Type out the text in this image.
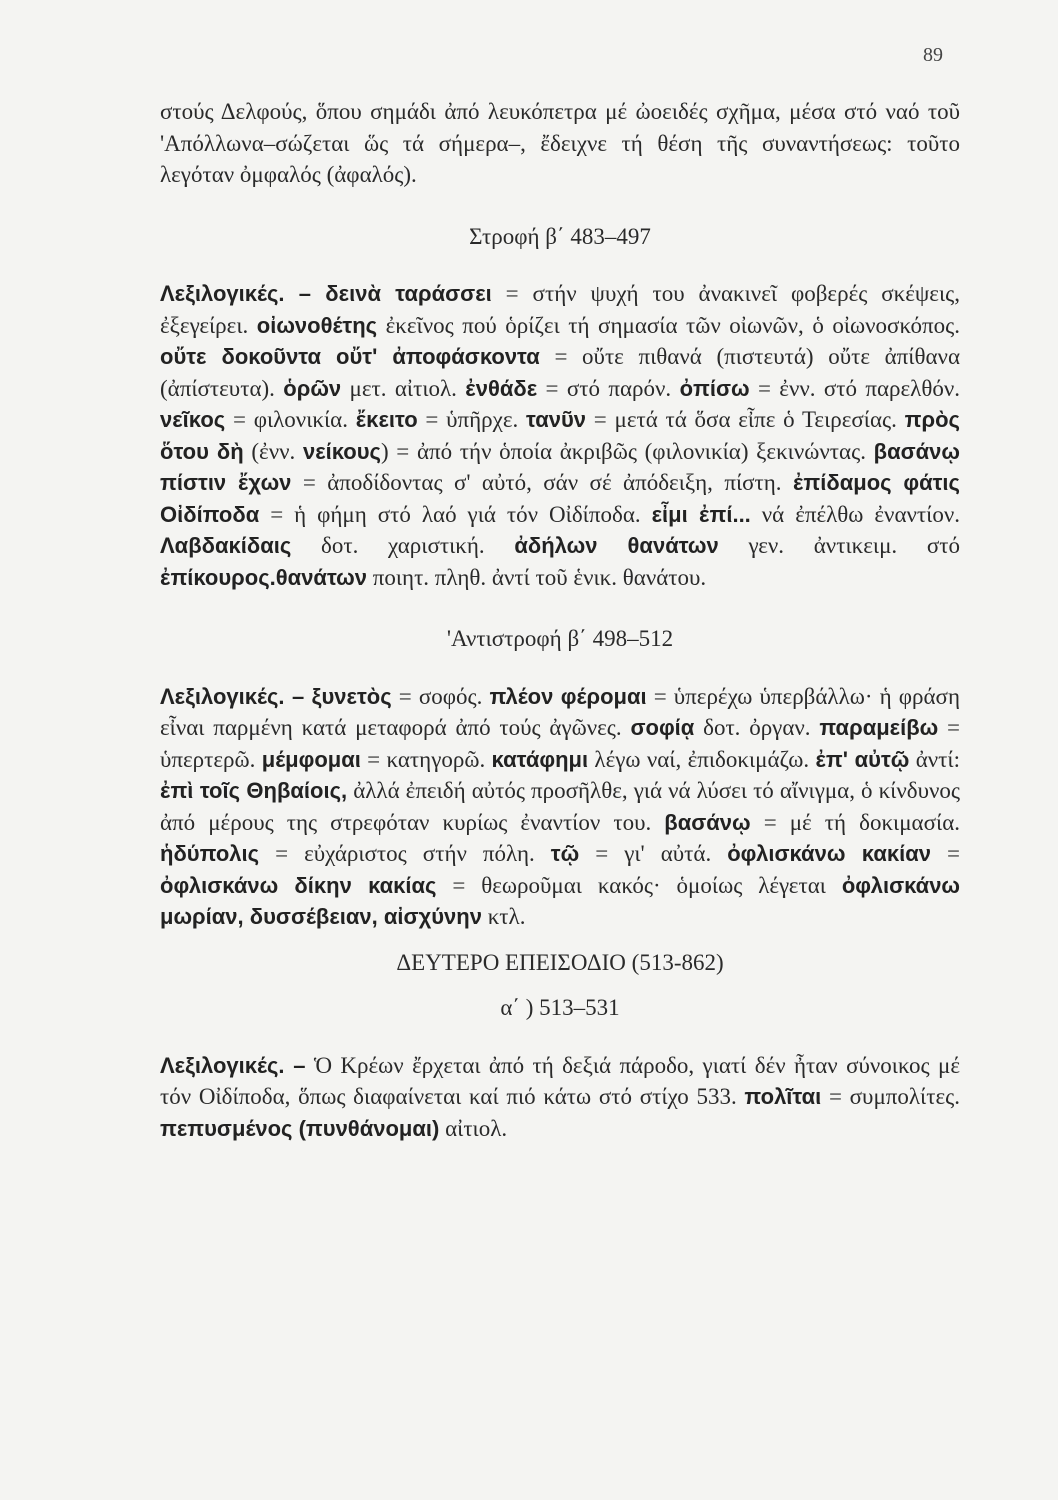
89

στούς Δελφούς, ὅπου σημάδι ἀπό λευκόπετρα μέ ὠοειδές σχῆμα, μέσα στό ναό τοῦ 'Απόλλωνα–σώζεται ὥς τά σήμερα–, ἔδειχνε τή θέση τῆς συναντήσεως: τοῦτο λεγόταν ὀμφαλός (ἀφαλός).

Στροφή β΄ 483–497

Λεξιλογικές. – δεινὰ ταράσσει = στήν ψυχή του ἀνακινεῖ φοβερές σκέψεις, ἐξεγείρει. οἰωνοθέτης ἐκεῖνος πού ὁρίζει τή σημασία τῶν οἰωνῶν, ὁ οἰωνοσκόπος. οὔτε δοκοῦντα οὔτ' ἀποφάσκοντα = οὔτε πιθανά (πιστευτά) οὔτε ἀπίθανα (ἀπίστευτα). ὁρῶν μετ. αἰτιολ. ἐνθάδε = στό παρόν. ὀπίσω = ἐνν. στό παρελθόν. νεῖκος = φιλονικία. ἔκειτο = ὑπῆρχε. τανῦν = μετά τά ὅσα εἶπε ὁ Τειρεσίας. πρὸς ὅτου δὴ (ἐνν. νείκους) = ἀπό τήν ὁποία ἀκριβῶς (φιλονικία) ξεκινώντας. βασάνῳ πίστιν ἔχων = ἀποδίδοντας σ' αὐτό, σάν σέ ἀπόδειξη, πίστη. ἐπίδαμος φάτις Οἰδίποδα = ἡ φήμη στό λαό γιά τόν Οἰδίποδα. εἶμι ἐπί... νά ἐπέλθω ἐναντίον. Λαβδακίδαις δοτ. χαριστική. ἀδήλων θανάτων γεν. ἀντικειμ. στό ἐπίκουρος.θανάτων ποιητ. πληθ. ἀντί τοῦ ἑνικ. θανάτου.

'Αντιστροφή β΄ 498–512

Λεξιλογικές. – ξυνετὸς = σοφός. πλέον φέρομαι = ὑπερέχω ὑπερβάλλω· ἡ φράση εἶναι παρμένη κατά μεταφορά ἀπό τούς ἀγῶνες. σοφίᾳ δοτ. ὀργαν. παραμείβω = ὑπερτερῶ. μέμφομαι = κατηγορῶ. κατάφημι λέγω ναί, ἐπιδοκιμάζω. ἐπ' αὐτῷ ἀντί: ἐπὶ τοῖς Θηβαίοις, ἀλλά ἐπειδή αὐτός προσῆλθε, γιά νά λύσει τό αἴνιγμα, ὁ κίνδυνος ἀπό μέρους της στρεφόταν κυρίως ἐναντίον του. βασάνῳ = μέ τή δοκιμασία. ἡδύπολις = εὐχάριστος στήν πόλη. τῷ = γι' αὐτά. ὀφλισκάνω κακίαν = ὀφλισκάνω δίκην κακίας = θεωροῦμαι κακός· ὁμοίως λέγεται ὀφλισκάνω μωρίαν, δυσσέβειαν, αἰσχύνην κτλ.

ΔΕΥΤΕΡΟ ΕΠΕΙΣΟΔΙΟ (513-862)

α΄ ) 513–531

Λεξιλογικές. – Ὁ Κρέων ἔρχεται ἀπό τή δεξιά πάροδο, γιατί δέν ἦταν σύνοικος μέ τόν Οἰδίποδα, ὅπως διαφαίνεται καί πιό κάτω στό στίχο 533. πολῖται = συμπολίτες. πεπυσμένος (πυνθάνομαι) αἰτιολ.
